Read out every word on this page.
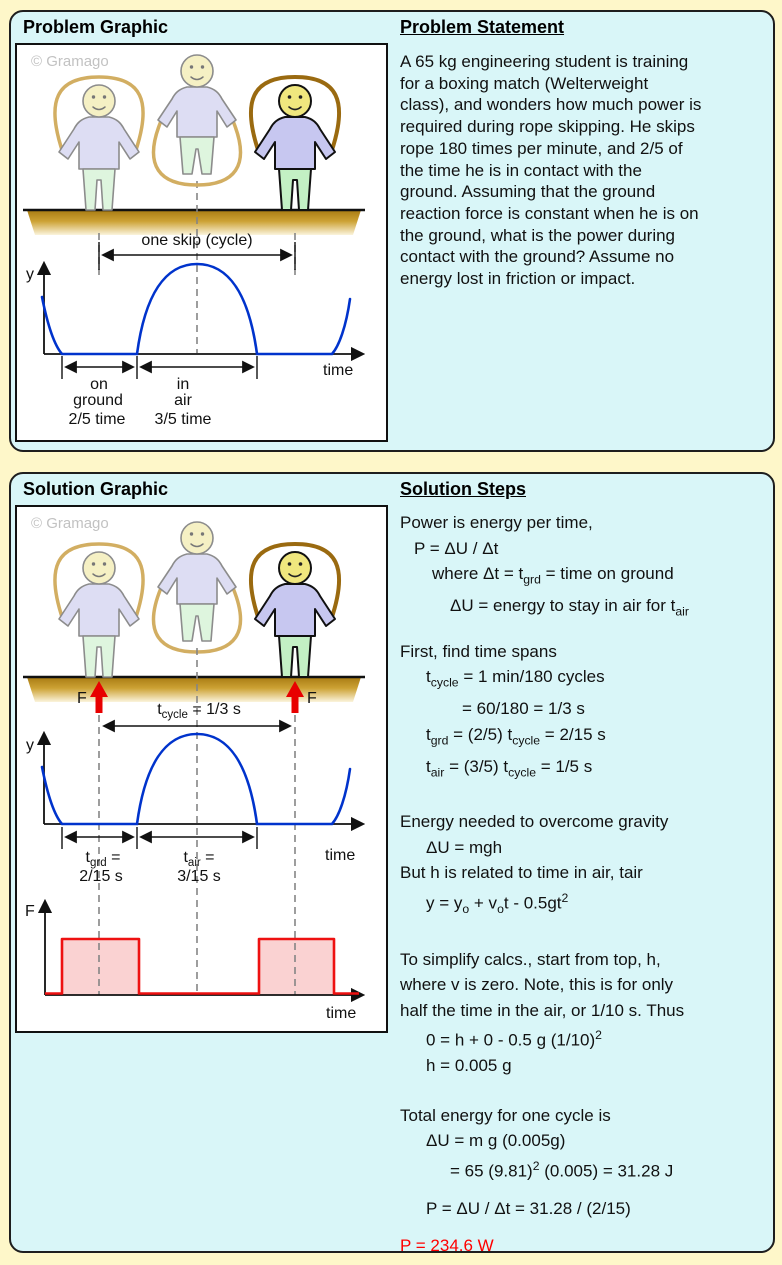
Problem Graphic
© Gramago
one skip (cycle)
y
time
on
ground
2/5 time
in
air
3/5 time
Problem Statement
A 65 kg engineering student is training
for a boxing match (Welterweight
class), and wonders how much power is
required during rope skipping. He skips
rope 180 times per minute, and 2/5 of
the time he is in contact with the
ground. Assuming that the ground
reaction force is constant when he is on
the ground, what is the power during
contact with the ground? Assume no
energy lost in friction or impact.
Solution Graphic
© Gramago
F	F
$t_{cycle} = 1/3$ s
y
time
$t_{grd}$ =
2/15 s
$t_{air}$ =
3/15 s
F
time
Solution Steps
Power is energy per time,
P = ΔU / Δt
where $\Delta t = t_{grd}$ = time on ground
ΔU = energy to stay in air for $t_{air}$
First, find time spans
$t_{cycle} = 1$ min/180 cycles
= 60/180 = 1/3 s
$t_{grd} = (2/5) t_{cycle} = 2/15$ s
$t_{air} = (3/5) t_{cycle} = 1/5$ s
Energy needed to overcome gravity
ΔU = mgh
But h is related to time in air, tair
$y = y_o + v_ot - 0.5gt^2$
To simplify calcs., start from top, h,
where v is zero. Note, this is for only
half the time in the air, or 1/10 s. Thus
0 = h + 0 - 0.5 g $(1/10)^2$
h = 0.005 g
Total energy for one cycle is
ΔU = m g (0.005g)
= 65 $(9.81)^2$ (0.005) = 31.28 J
P = ΔU / Δt = 31.28 / (2/15)
P = 234.6 W
